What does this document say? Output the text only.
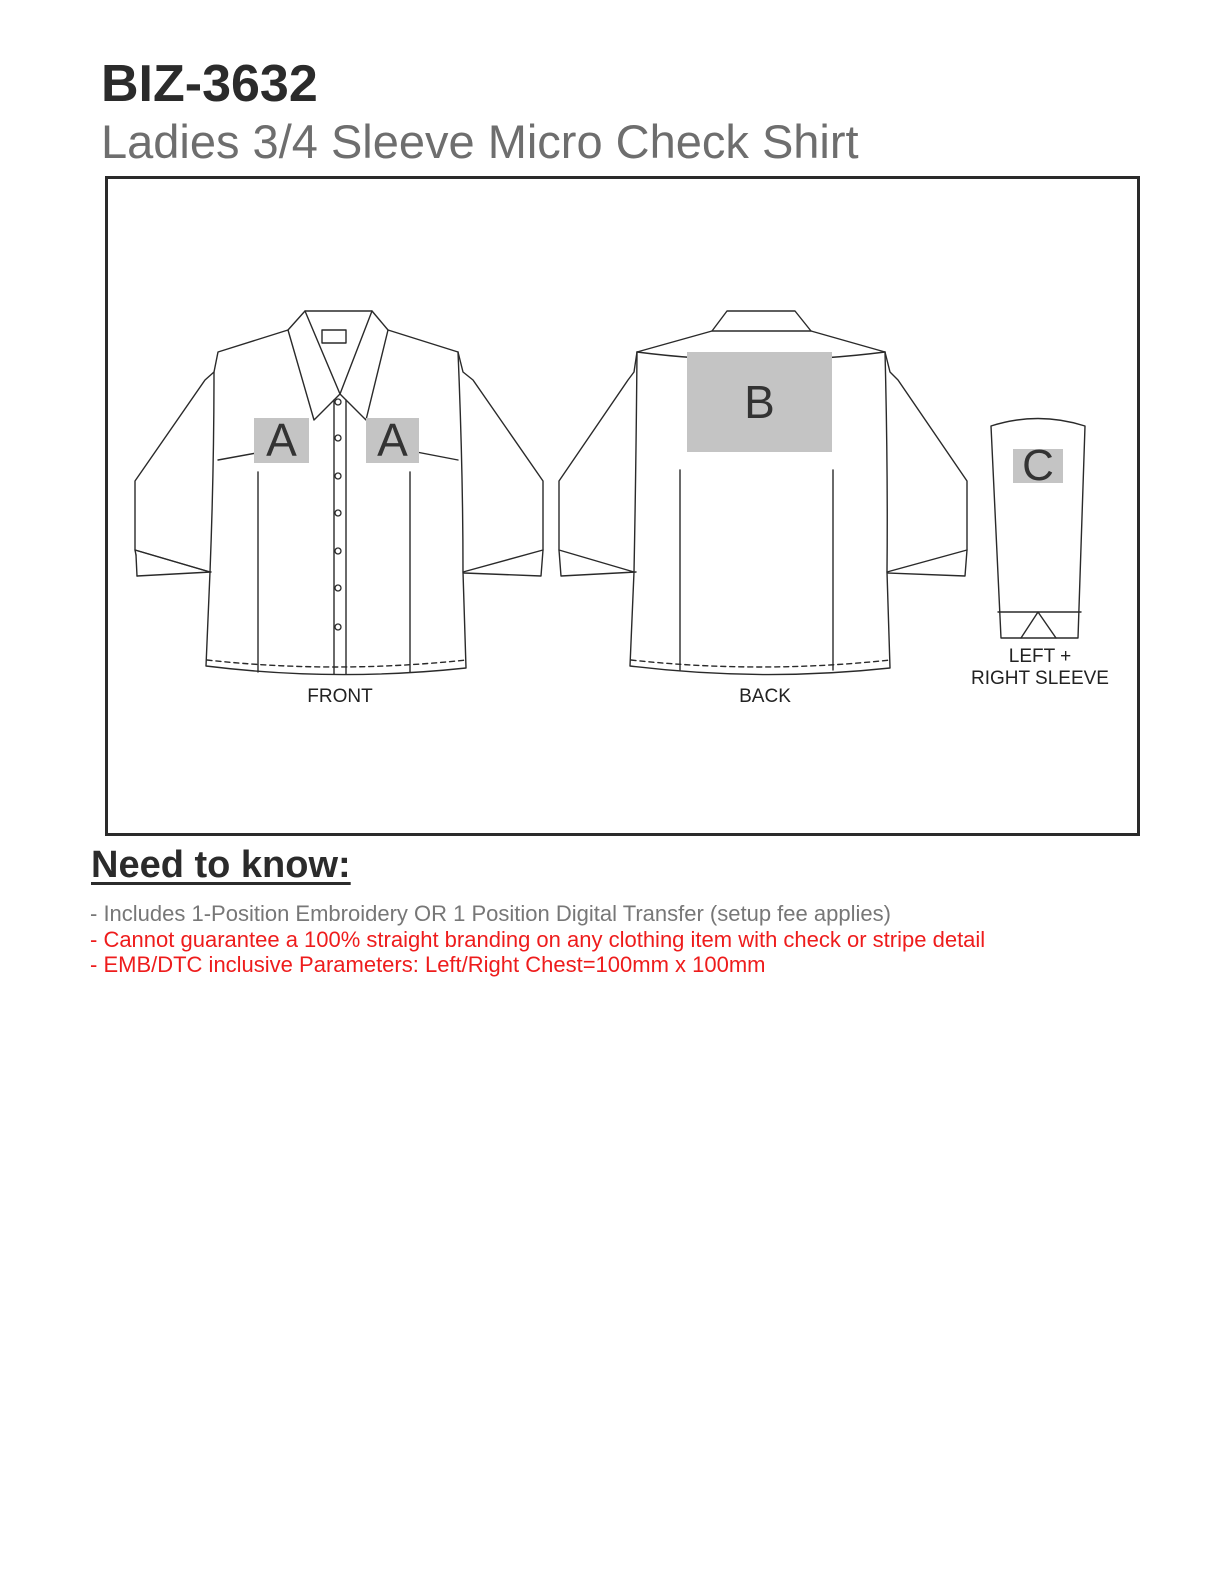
BIZ-3632
Ladies 3/4 Sleeve Micro Check Shirt
A A
B
C
FRONT	BACK
LEFT +
RIGHT SLEEVE
Need to know:
- Includes 1-Position Embroidery OR 1 Position Digital Transfer (setup fee applies)
- Cannot guarantee a 100% straight branding on any clothing item with check or stripe detail
- EMB/DTC inclusive Parameters: Left/Right Chest=100mm x 100mm
